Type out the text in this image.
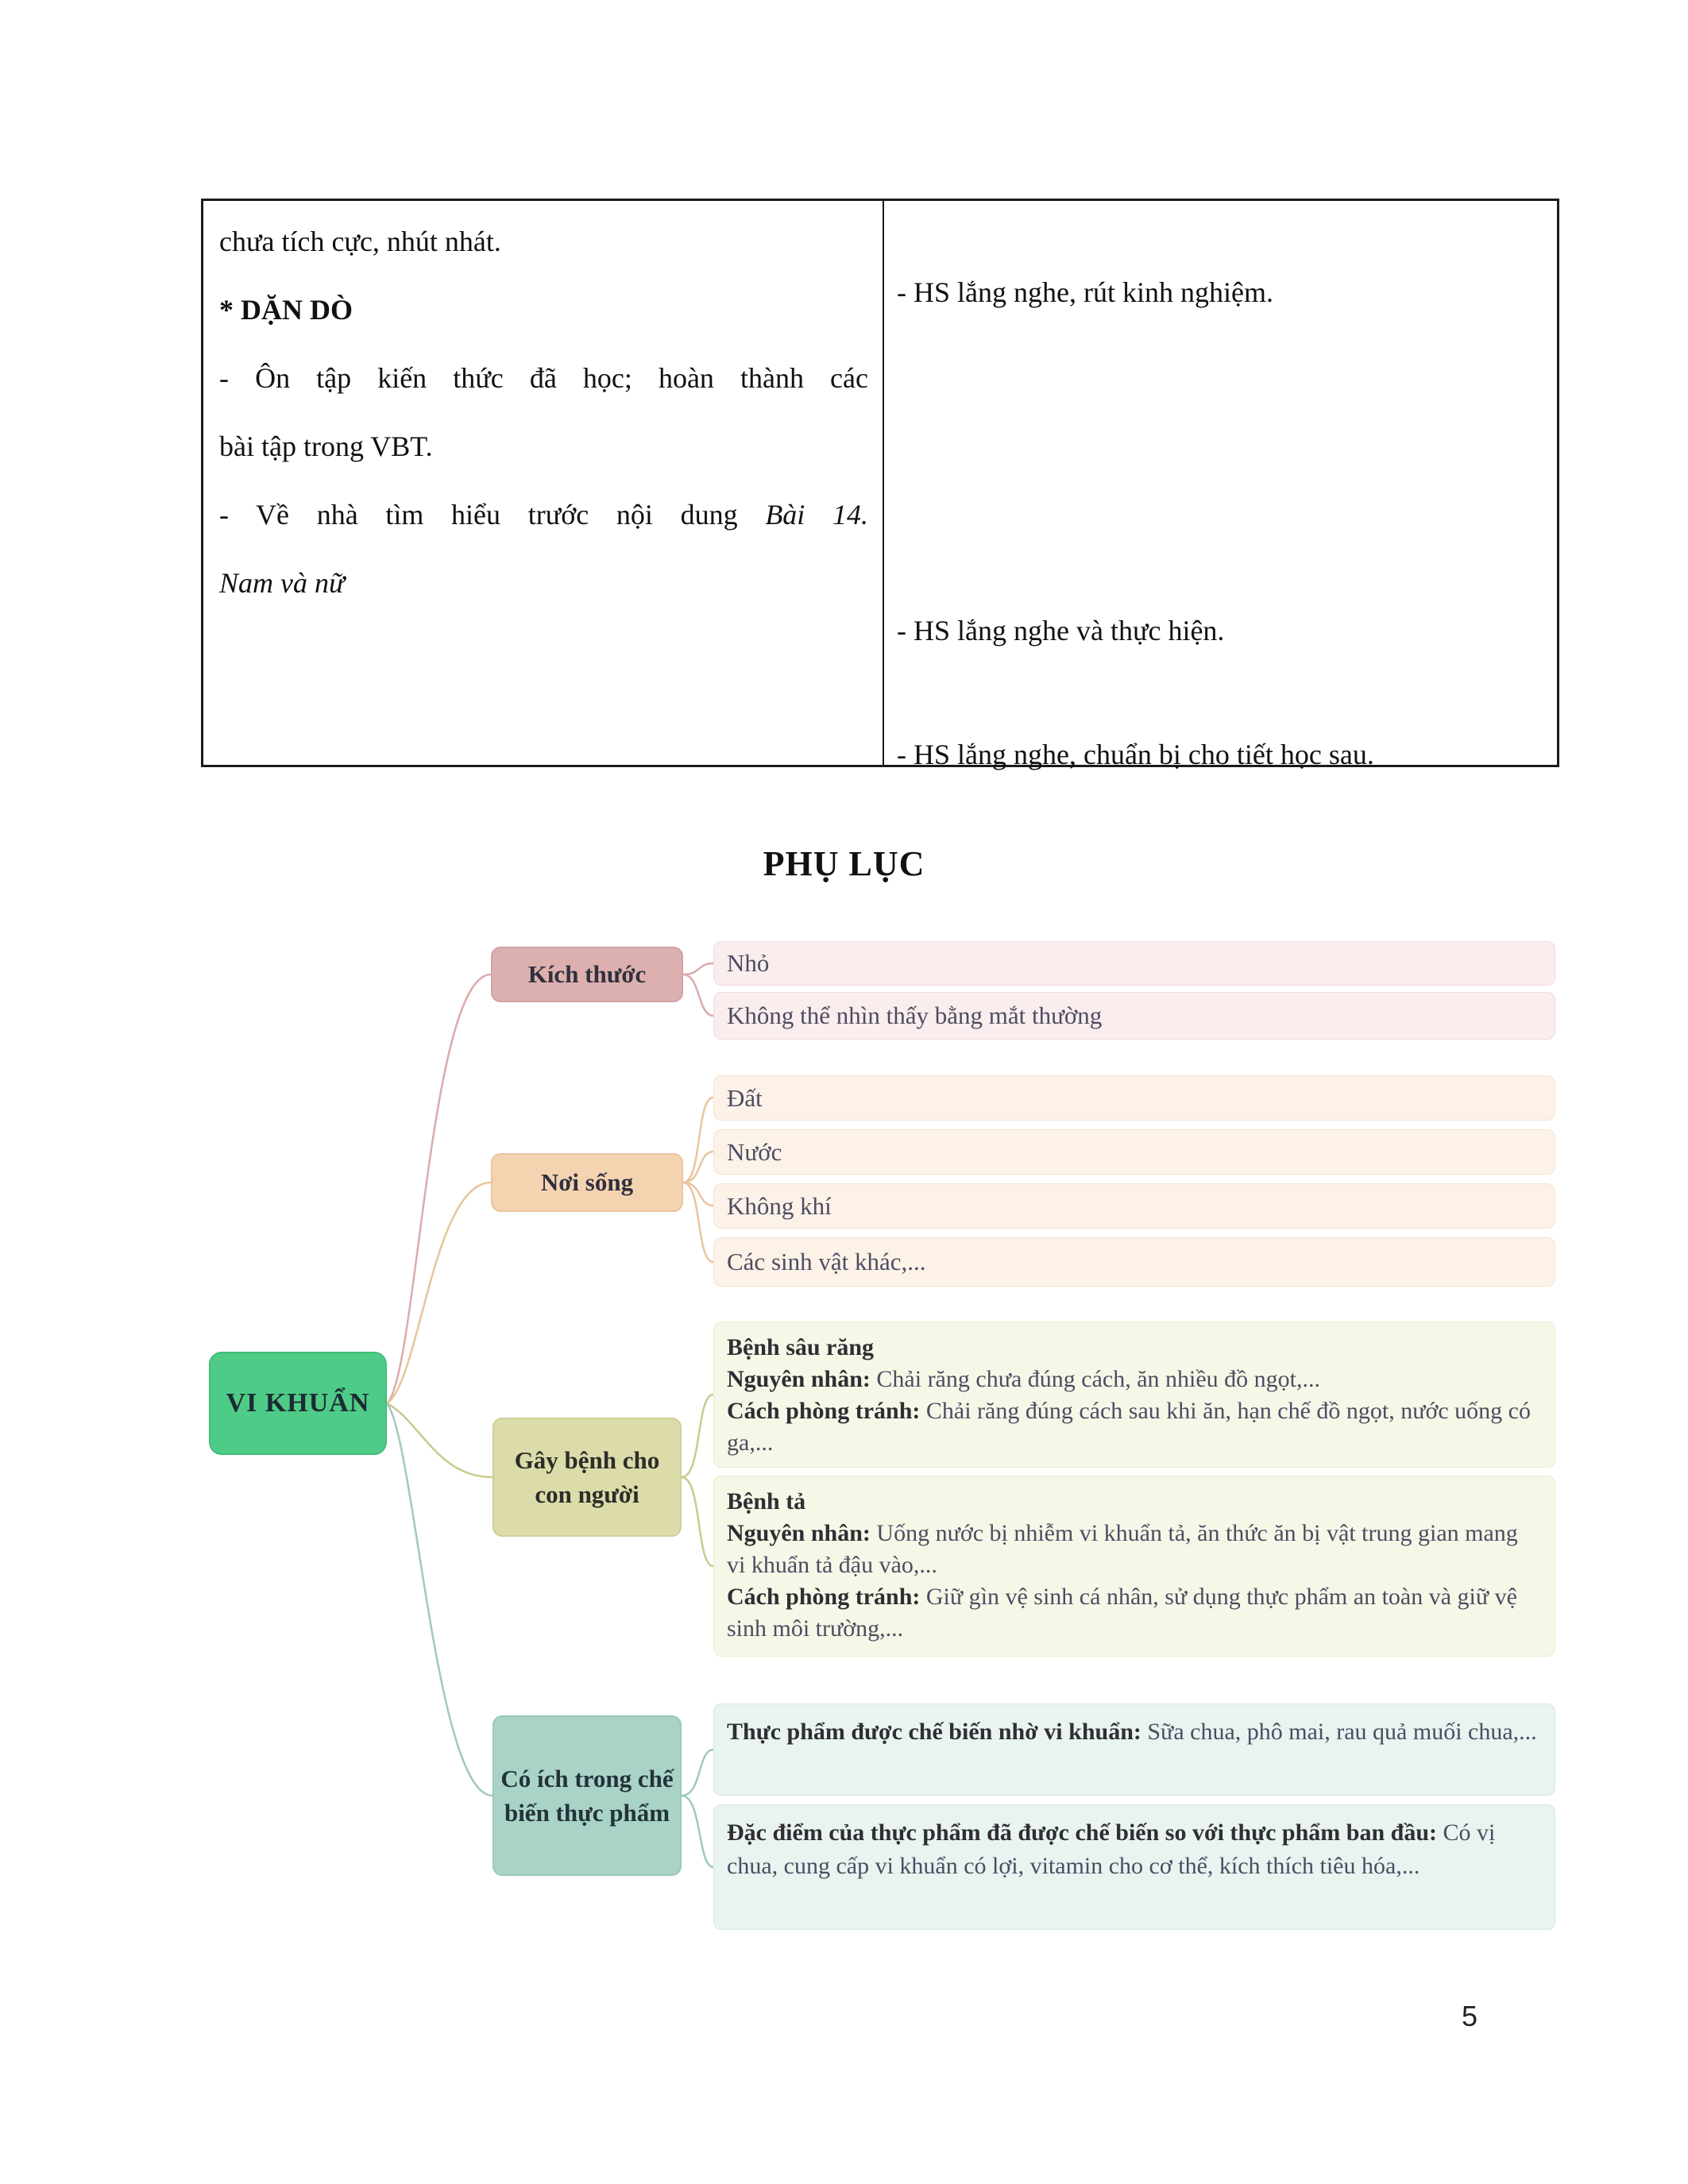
chưa tích cực, nhút nhát.
* DẶN DÒ
- Ôn tập kiến thức đã học; hoàn thành các
bài tập trong VBT.
- Về nhà tìm hiểu trước nội dung Bài 14.
Nam và nữ
- HS lắng nghe, rút kinh nghiệm.
- HS lắng nghe và thực hiện.
- HS lắng nghe, chuẩn bị cho tiết học sau.
PHỤ LỤC
VI KHUẨN
Kích thước
Nơi sống
Gây bệnh cho con người
Có ích trong chế biến thực phẩm
Nhỏ
Không thể nhìn thấy bằng mắt thường
Đất
Nước
Không khí
Các sinh vật khác,...
Bệnh sâu răng
Nguyên nhân: Chải răng chưa đúng cách, ăn nhiều đồ ngọt,...
Cách phòng tránh: Chải răng đúng cách sau khi ăn, hạn chế đồ ngọt, nước uống có ga,...
Bệnh tả
Nguyên nhân: Uống nước bị nhiễm vi khuẩn tả, ăn thức ăn bị vật trung gian mang vi khuẩn tả đậu vào,...
Cách phòng tránh: Giữ gìn vệ sinh cá nhân, sử dụng thực phẩm an toàn và giữ vệ sinh môi trường,...
Thực phẩm được chế biến nhờ vi khuẩn: Sữa chua, phô mai, rau quả muối chua,...
Đặc điểm của thực phẩm đã được chế biến so với thực phẩm ban đầu: Có vị chua, cung cấp vi khuẩn có lợi, vitamin cho cơ thể, kích thích tiêu hóa,...
5
